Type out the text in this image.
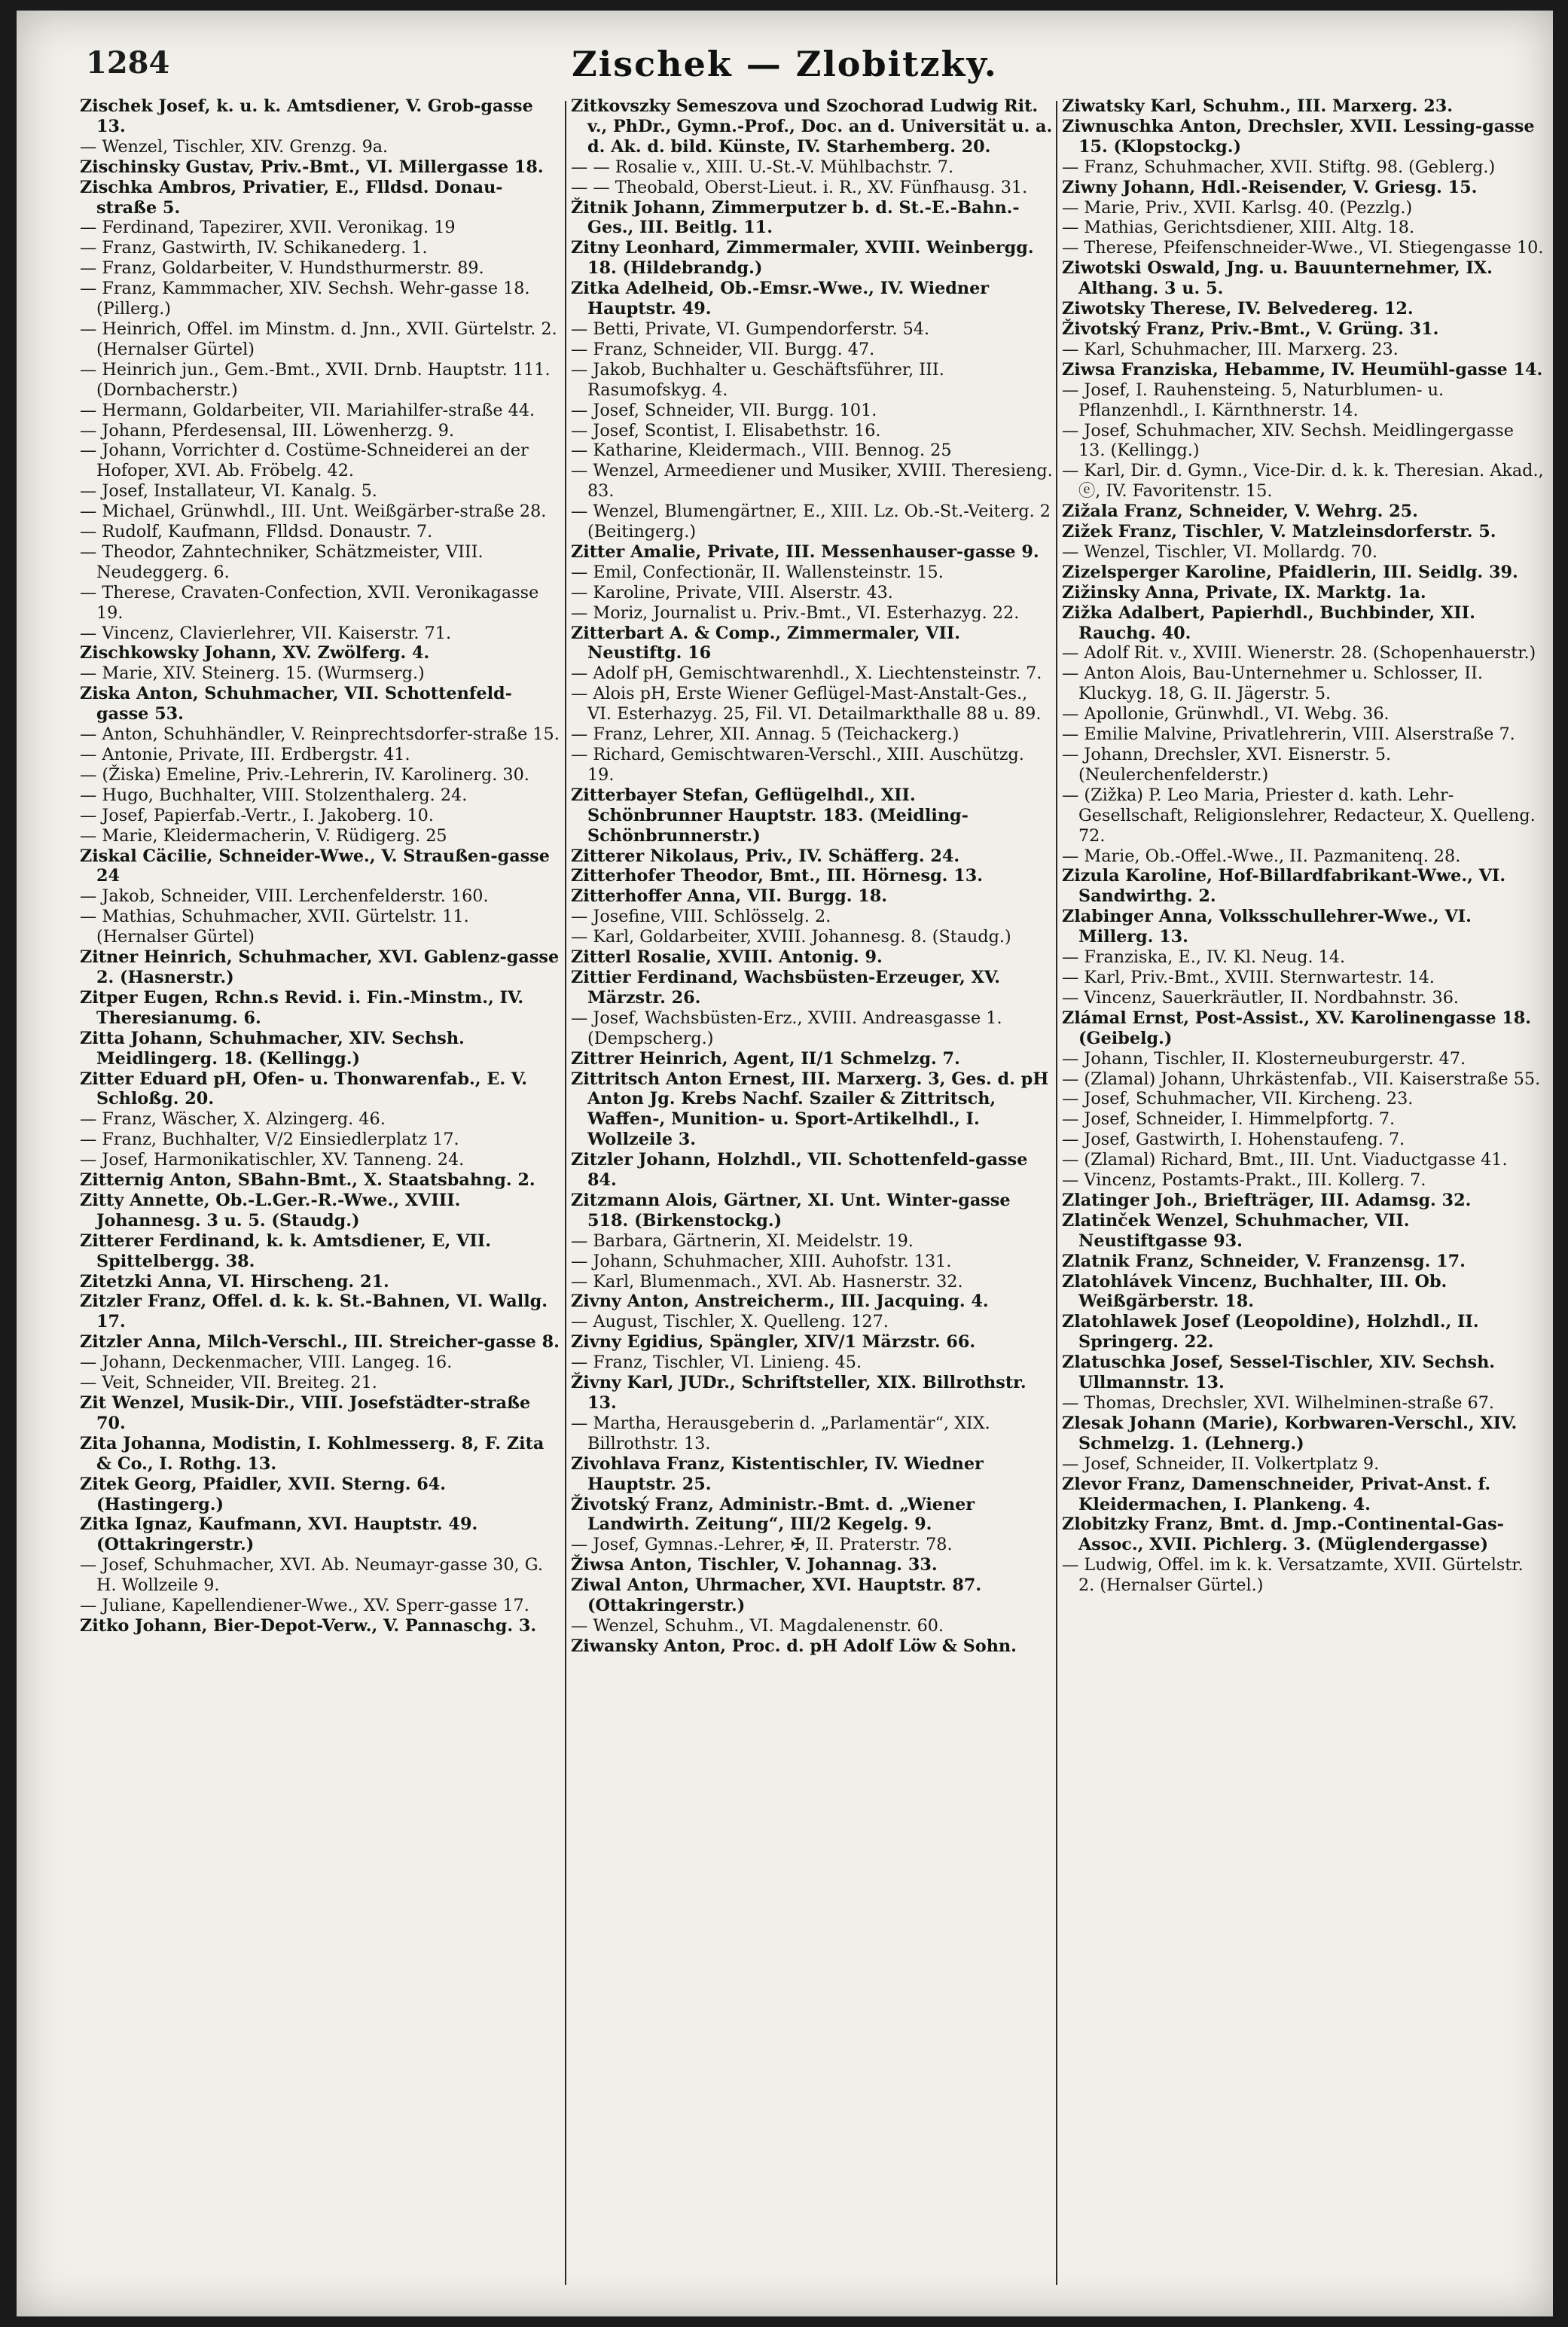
1284	Zischek — Zlobitzky.

Zischek Josef, k. u. k. Amtsdiener, V. Grob-gasse 13.

— Wenzel, Tischler, XIV. Grenzg. 9a.

Zischinsky Gustav, Priv.-Bmt., VI. Millergasse 18.

Zischka Ambros, Privatier, E., Flldsd. Donau-straße 5.

— Ferdinand, Tapezirer, XVII. Veronikag. 19

— Franz, Gastwirth, IV. Schikanederg. 1.

— Franz, Goldarbeiter, V. Hundsthurmerstr. 89.

— Franz, Kammmacher, XIV. Sechsh. Wehr-gasse 18. (Pillerg.)

— Heinrich, Offel. im Minstm. d. Jnn., XVII. Gürtelstr. 2. (Hernalser Gürtel)

— Heinrich jun., Gem.-Bmt., XVII. Drnb. Hauptstr. 111. (Dornbacherstr.)

— Hermann, Goldarbeiter, VII. Mariahilfer-straße 44.

— Johann, Pferdesensal, III. Löwenherzg. 9.

— Johann, Vorrichter d. Costüme-Schneiderei an der Hofoper, XVI. Ab. Fröbelg. 42.

— Josef, Installateur, VI. Kanalg. 5.

— Michael, Grünwhdl., III. Unt. Weißgärber-straße 28.

— Rudolf, Kaufmann, Flldsd. Donaustr. 7.

— Theodor, Zahntechniker, Schätzmeister, VIII. Neudeggerg. 6.

— Therese, Cravaten-Confection, XVII. Veronikagasse 19.

— Vincenz, Clavierlehrer, VII. Kaiserstr. 71.

Zischkowsky Johann, XV. Zwölferg. 4.

— Marie, XIV. Steinerg. 15. (Wurmserg.)

Ziska Anton, Schuhmacher, VII. Schottenfeld-gasse 53.

— Anton, Schuhhändler, V. Reinprechtsdorfer-straße 15.

— Antonie, Private, III. Erdbergstr. 41.

— (Žiska) Emeline, Priv.-Lehrerin, IV. Karolinerg. 30.

— Hugo, Buchhalter, VIII. Stolzenthalerg. 24.

— Josef, Papierfab.-Vertr., I. Jakoberg. 10.

— Marie, Kleidermacherin, V. Rüdigerg. 25

Ziskal Cäcilie, Schneider-Wwe., V. Straußen-gasse 24

— Jakob, Schneider, VIII. Lerchenfelderstr. 160.

— Mathias, Schuhmacher, XVII. Gürtelstr. 11. (Hernalser Gürtel)

Zitner Heinrich, Schuhmacher, XVI. Gablenz-gasse 2. (Hasnerstr.)

Zitper Eugen, Rchn.s Revid. i. Fin.-Minstm., IV. Theresianumg. 6.

Zitta Johann, Schuhmacher, XIV. Sechsh. Meidlingerg. 18. (Kellingg.)

Zitter Eduard pH, Ofen- u. Thonwarenfab., E. V. Schloßg. 20.

— Franz, Wäscher, X. Alzingerg. 46.

— Franz, Buchhalter, V/2 Einsiedlerplatz 17.

— Josef, Harmonikatischler, XV. Tanneng. 24.

Zitternig Anton, SBahn-Bmt., X. Staatsbahng. 2.

Zitty Annette, Ob.-L.Ger.-R.-Wwe., XVIII. Johannesg. 3 u. 5. (Staudg.)

Zitterer Ferdinand, k. k. Amtsdiener, E, VII. Spittelbergg. 38.

Zitetzki Anna, VI. Hirscheng. 21.

Zitzler Franz, Offel. d. k. k. St.-Bahnen, VI. Wallg. 17.

Zitzler Anna, Milch-Verschl., III. Streicher-gasse 8.

— Johann, Deckenmacher, VIII. Langeg. 16.

— Veit, Schneider, VII. Breiteg. 21.

Zit Wenzel, Musik-Dir., VIII. Josefstädter-straße 70.

Zita Johanna, Modistin, I. Kohlmesserg. 8, F. Zita & Co., I. Rothg. 13.

Zitek Georg, Pfaidler, XVII. Sterng. 64. (Hastingerg.)

Zitka Ignaz, Kaufmann, XVI. Hauptstr. 49. (Ottakringerstr.)

— Josef, Schuhmacher, XVI. Ab. Neumayr-gasse 30, G. H. Wollzeile 9.

— Juliane, Kapellendiener-Wwe., XV. Sperr-gasse 17.

Zitko Johann, Bier-Depot-Verw., V. Pannaschg. 3.

Zitkovszky Semeszova und Szochorad Ludwig Rit. v., PhDr., Gymn.-Prof., Doc. an d. Universität u. a. d. Ak. d. bild. Künste, IV. Starhemberg. 20.

— — Rosalie v., XIII. U.-St.-V. Mühlbachstr. 7.

— — Theobald, Oberst-Lieut. i. R., XV. Fünfhausg. 31.

Žitnik Johann, Zimmerputzer b. d. St.-E.-Bahn.-Ges., III. Beitlg. 11.

Zitny Leonhard, Zimmermaler, XVIII. Weinbergg. 18. (Hildebrandg.)

Zitka Adelheid, Ob.-Emsr.-Wwe., IV. Wiedner Hauptstr. 49.

— Betti, Private, VI. Gumpendorferstr. 54.

— Franz, Schneider, VII. Burgg. 47.

— Jakob, Buchhalter u. Geschäftsführer, III. Rasumofskyg. 4.

— Josef, Schneider, VII. Burgg. 101.

— Josef, Scontist, I. Elisabethstr. 16.

— Katharine, Kleidermach., VIII. Bennog. 25

— Wenzel, Armeediener und Musiker, XVIII. Theresieng. 83.

— Wenzel, Blumengärtner, E., XIII. Lz. Ob.-St.-Veiterg. 2 (Beitingerg.)

Zitter Amalie, Private, III. Messenhauser-gasse 9.

— Emil, Confectionär, II. Wallensteinstr. 15.

— Karoline, Private, VIII. Alserstr. 43.

— Moriz, Journalist u. Priv.-Bmt., VI. Esterhazyg. 22.

Zitterbart A. & Comp., Zimmermaler, VII. Neustiftg. 16

— Adolf pH, Gemischtwarenhdl., X. Liechtensteinstr. 7.

— Alois pH, Erste Wiener Geflügel-Mast-Anstalt-Ges., VI. Esterhazyg. 25, Fil. VI. Detailmarkthalle 88 u. 89.

— Franz, Lehrer, XII. Annag. 5 (Teichackerg.)

— Richard, Gemischtwaren-Verschl., XIII. Auschützg. 19.

Zitterbayer Stefan, Geflügelhdl., XII. Schönbrunner Hauptstr. 183. (Meidling-Schönbrunnerstr.)

Zitterer Nikolaus, Priv., IV. Schäfferg. 24.

Zitterhofer Theodor, Bmt., III. Hörnesg. 13.

Zitterhoffer Anna, VII. Burgg. 18.

— Josefine, VIII. Schlösselg. 2.

— Karl, Goldarbeiter, XVIII. Johannesg. 8. (Staudg.)

Zitterl Rosalie, XVIII. Antonig. 9.

Zittier Ferdinand, Wachsbüsten-Erzeuger, XV. Märzstr. 26.

— Josef, Wachsbüsten-Erz., XVIII. Andreasgasse 1. (Dempscherg.)

Zittrer Heinrich, Agent, II/1 Schmelzg. 7.

Zittritsch Anton Ernest, III. Marxerg. 3, Ges. d. pH Anton Jg. Krebs Nachf. Szailer & Zittritsch, Waffen-, Munition- u. Sport-Artikelhdl., I. Wollzeile 3.

Zitzler Johann, Holzhdl., VII. Schottenfeld-gasse 84.

Zitzmann Alois, Gärtner, XI. Unt. Winter-gasse 518. (Birkenstockg.)

— Barbara, Gärtnerin, XI. Meidelstr. 19.

— Johann, Schuhmacher, XIII. Auhofstr. 131.

— Karl, Blumenmach., XVI. Ab. Hasnerstr. 32.

Zivny Anton, Anstreicherm., III. Jacquing. 4.

— August, Tischler, X. Quelleng. 127.

Zivny Egidius, Spängler, XIV/1 Märzstr. 66.

— Franz, Tischler, VI. Linieng. 45.

Živny Karl, JUDr., Schriftsteller, XIX. Billrothstr. 13.

— Martha, Herausgeberin d. „Parlamentär“, XIX. Billrothstr. 13.

Zivohlava Franz, Kistentischler, IV. Wiedner Hauptstr. 25.

Životský Franz, Administr.-Bmt. d. „Wiener Landwirth. Zeitung“, III/2 Kegelg. 9.

— Josef, Gymnas.-Lehrer, ✠, II. Praterstr. 78.

Žiwsa Anton, Tischler, V. Johannag. 33.

Ziwal Anton, Uhrmacher, XVI. Hauptstr. 87. (Ottakringerstr.)

— Wenzel, Schuhm., VI. Magdalenenstr. 60.

Ziwansky Anton, Proc. d. pH Adolf Löw & Sohn.

Ziwatsky Karl, Schuhm., III. Marxerg. 23.

Ziwnuschka Anton, Drechsler, XVII. Lessing-gasse 15. (Klopstockg.)

— Franz, Schuhmacher, XVII. Stiftg. 98. (Geblerg.)

Ziwny Johann, Hdl.-Reisender, V. Griesg. 15.

— Marie, Priv., XVII. Karlsg. 40. (Pezzlg.)

— Mathias, Gerichtsdiener, XIII. Altg. 18.

— Therese, Pfeifenschneider-Wwe., VI. Stiegengasse 10.

Ziwotski Oswald, Jng. u. Bauunternehmer, IX. Althang. 3 u. 5.

Ziwotsky Therese, IV. Belvedereg. 12.

Životský Franz, Priv.-Bmt., V. Grüng. 31.

— Karl, Schuhmacher, III. Marxerg. 23.

Ziwsa Franziska, Hebamme, IV. Heumühl-gasse 14.

— Josef, I. Rauhensteing. 5, Naturblumen- u. Pflanzenhdl., I. Kärnthnerstr. 14.

— Josef, Schuhmacher, XIV. Sechsh. Meidlingergasse 13. (Kellingg.)

— Karl, Dir. d. Gymn., Vice-Dir. d. k. k. Theresian. Akad., ⓔ, IV. Favoritenstr. 15.

Zižala Franz, Schneider, V. Wehrg. 25.

Zižek Franz, Tischler, V. Matzleinsdorferstr. 5.

— Wenzel, Tischler, VI. Mollardg. 70.

Zizelsperger Karoline, Pfaidlerin, III. Seidlg. 39.

Zižinsky Anna, Private, IX. Marktg. 1a.

Zižka Adalbert, Papierhdl., Buchbinder, XII. Rauchg. 40.

— Adolf Rit. v., XVIII. Wienerstr. 28. (Schopenhauerstr.)

— Anton Alois, Bau-Unternehmer u. Schlosser, II. Kluckyg. 18, G. II. Jägerstr. 5.

— Apollonie, Grünwhdl., VI. Webg. 36.

— Emilie Malvine, Privatlehrerin, VIII. Alserstraße 7.

— Johann, Drechsler, XVI. Eisnerstr. 5. (Neulerchenfelderstr.)

— (Zižka) P. Leo Maria, Priester d. kath. Lehr-Gesellschaft, Religionslehrer, Redacteur, X. Quelleng. 72.

— Marie, Ob.-Offel.-Wwe., II. Pazmanitenq. 28.

Zizula Karoline, Hof-Billardfabrikant-Wwe., VI. Sandwirthg. 2.

Zlabinger Anna, Volksschullehrer-Wwe., VI. Millerg. 13.

— Franziska, E., IV. Kl. Neug. 14.

— Karl, Priv.-Bmt., XVIII. Sternwartestr. 14.

— Vincenz, Sauerkräutler, II. Nordbahnstr. 36.

Zlámal Ernst, Post-Assist., XV. Karolinengasse 18. (Geibelg.)

— Johann, Tischler, II. Klosterneuburgerstr. 47.

— (Zlamal) Johann, Uhrkästenfab., VII. Kaiserstraße 55.

— Josef, Schuhmacher, VII. Kircheng. 23.

— Josef, Schneider, I. Himmelpfortg. 7.

— Josef, Gastwirth, I. Hohenstaufeng. 7.

— (Zlamal) Richard, Bmt., III. Unt. Viaductgasse 41.

— Vincenz, Postamts-Prakt., III. Kollerg. 7.

Zlatinger Joh., Briefträger, III. Adamsg. 32.

Zlatinček Wenzel, Schuhmacher, VII. Neustiftgasse 93.

Zlatnik Franz, Schneider, V. Franzensg. 17.

Zlatohlávek Vincenz, Buchhalter, III. Ob. Weißgärberstr. 18.

Zlatohlawek Josef (Leopoldine), Holzhdl., II. Springerg. 22.

Zlatuschka Josef, Sessel-Tischler, XIV. Sechsh. Ullmannstr. 13.

— Thomas, Drechsler, XVI. Wilhelminen-straße 67.

Zlesak Johann (Marie), Korbwaren-Verschl., XIV. Schmelzg. 1. (Lehnerg.)

— Josef, Schneider, II. Volkertplatz 9.

Zlevor Franz, Damenschneider, Privat-Anst. f. Kleidermachen, I. Plankeng. 4.

Zlobitzky Franz, Bmt. d. Jmp.-Continental-Gas-Assoc., XVII. Pichlerg. 3. (Müglendergasse)

— Ludwig, Offel. im k. k. Versatzamte, XVII. Gürtelstr. 2. (Hernalser Gürtel.)
